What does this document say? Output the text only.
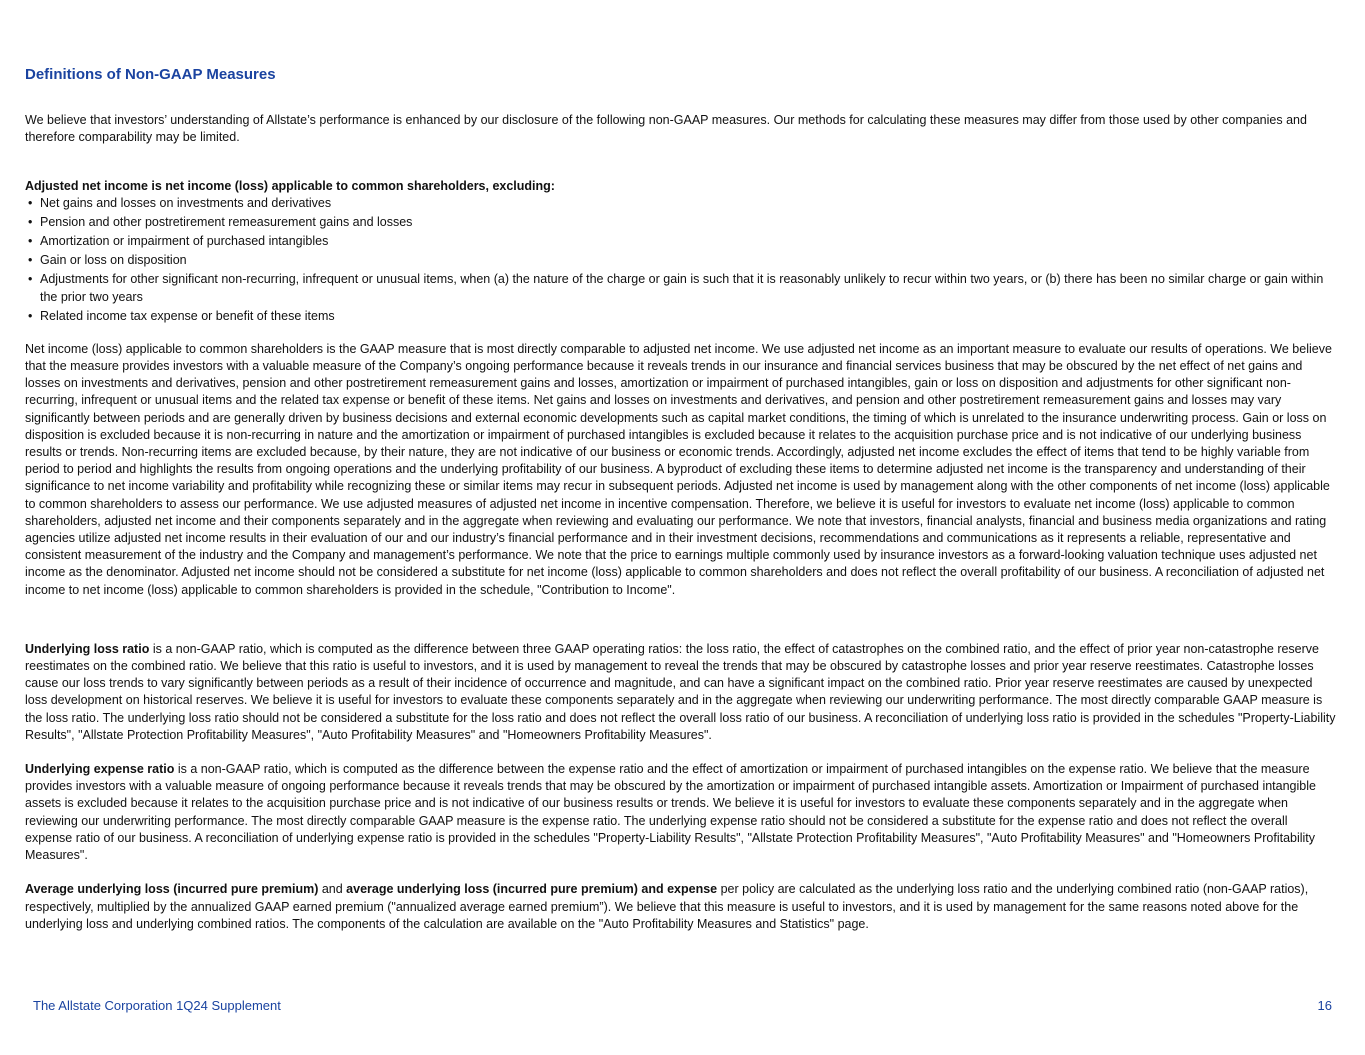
Definitions of Non-GAAP Measures

We believe that investors’ understanding of Allstate’s performance is enhanced by our disclosure of the following non-GAAP measures. Our methods for calculating these measures may differ from those used by other companies and therefore comparability may be limited.

Adjusted net income is net income (loss) applicable to common shareholders, excluding:

• Net gains and losses on investments and derivatives
• Pension and other postretirement remeasurement gains and losses
• Amortization or impairment of purchased intangibles
• Gain or loss on disposition
• Adjustments for other significant non-recurring, infrequent or unusual items, when (a) the nature of the charge or gain is such that it is reasonably unlikely to recur within two years, or (b) there has been no similar charge or gain within the prior two years
• Related income tax expense or benefit of these items

Net income (loss) applicable to common shareholders is the GAAP measure that is most directly comparable to adjusted net income. We use adjusted net income as an important measure to evaluate our results of operations. We believe that the measure provides investors with a valuable measure of the Company’s ongoing performance because it reveals trends in our insurance and financial services business that may be obscured by the net effect of net gains and losses on investments and derivatives, pension and other postretirement remeasurement gains and losses, amortization or impairment of purchased intangibles, gain or loss on disposition and adjustments for other significant non-recurring, infrequent or unusual items and the related tax expense or benefit of these items. Net gains and losses on investments and derivatives, and pension and other postretirement remeasurement gains and losses may vary significantly between periods and are generally driven by business decisions and external economic developments such as capital market conditions, the timing of which is unrelated to the insurance underwriting process. Gain or loss on disposition is excluded because it is non-recurring in nature and the amortization or impairment of purchased intangibles is excluded because it relates to the acquisition purchase price and is not indicative of our underlying business results or trends. Non-recurring items are excluded because, by their nature, they are not indicative of our business or economic trends. Accordingly, adjusted net income excludes the effect of items that tend to be highly variable from period to period and highlights the results from ongoing operations and the underlying profitability of our business. A byproduct of excluding these items to determine adjusted net income is the transparency and understanding of their significance to net income variability and profitability while recognizing these or similar items may recur in subsequent periods. Adjusted net income is used by management along with the other components of net income (loss) applicable to common shareholders to assess our performance. We use adjusted measures of adjusted net income in incentive compensation. Therefore, we believe it is useful for investors to evaluate net income (loss) applicable to common shareholders, adjusted net income and their components separately and in the aggregate when reviewing and evaluating our performance. We note that investors, financial analysts, financial and business media organizations and rating agencies utilize adjusted net income results in their evaluation of our and our industry’s financial performance and in their investment decisions, recommendations and communications as it represents a reliable, representative and consistent measurement of the industry and the Company and management’s performance. We note that the price to earnings multiple commonly used by insurance investors as a forward-looking valuation technique uses adjusted net income as the denominator. Adjusted net income should not be considered a substitute for net income (loss) applicable to common shareholders and does not reflect the overall profitability of our business. A reconciliation of adjusted net income to net income (loss) applicable to common shareholders is provided in the schedule, "Contribution to Income".

Underlying loss ratio is a non-GAAP ratio, which is computed as the difference between three GAAP operating ratios: the loss ratio, the effect of catastrophes on the combined ratio, and the effect of prior year non-catastrophe reserve reestimates on the combined ratio. We believe that this ratio is useful to investors, and it is used by management to reveal the trends that may be obscured by catastrophe losses and prior year reserve reestimates. Catastrophe losses cause our loss trends to vary significantly between periods as a result of their incidence of occurrence and magnitude, and can have a significant impact on the combined ratio. Prior year reserve reestimates are caused by unexpected loss development on historical reserves. We believe it is useful for investors to evaluate these components separately and in the aggregate when reviewing our underwriting performance. The most directly comparable GAAP measure is the loss ratio. The underlying loss ratio should not be considered a substitute for the loss ratio and does not reflect the overall loss ratio of our business. A reconciliation of underlying loss ratio is provided in the schedules "Property-Liability Results", "Allstate Protection Profitability Measures", "Auto Profitability Measures" and "Homeowners Profitability Measures".

Underlying expense ratio is a non-GAAP ratio, which is computed as the difference between the expense ratio and the effect of amortization or impairment of purchased intangibles on the expense ratio. We believe that the measure provides investors with a valuable measure of ongoing performance because it reveals trends that may be obscured by the amortization or impairment of purchased intangible assets. Amortization or Impairment of purchased intangible assets is excluded because it relates to the acquisition purchase price and is not indicative of our business results or trends. We believe it is useful for investors to evaluate these components separately and in the aggregate when reviewing our underwriting performance. The most directly comparable GAAP measure is the expense ratio. The underlying expense ratio should not be considered a substitute for the expense ratio and does not reflect the overall expense ratio of our business. A reconciliation of underlying expense ratio is provided in the schedules "Property-Liability Results", "Allstate Protection Profitability Measures", "Auto Profitability Measures" and "Homeowners Profitability Measures".

Average underlying loss (incurred pure premium) and average underlying loss (incurred pure premium) and expense per policy are calculated as the underlying loss ratio and the underlying combined ratio (non-GAAP ratios), respectively, multiplied by the annualized GAAP earned premium ("annualized average earned premium”). We believe that this measure is useful to investors, and it is used by management for the same reasons noted above for the underlying loss and underlying combined ratios. The components of the calculation are available on the "Auto Profitability Measures and Statistics" page.

The Allstate Corporation 1Q24 Supplement	16
